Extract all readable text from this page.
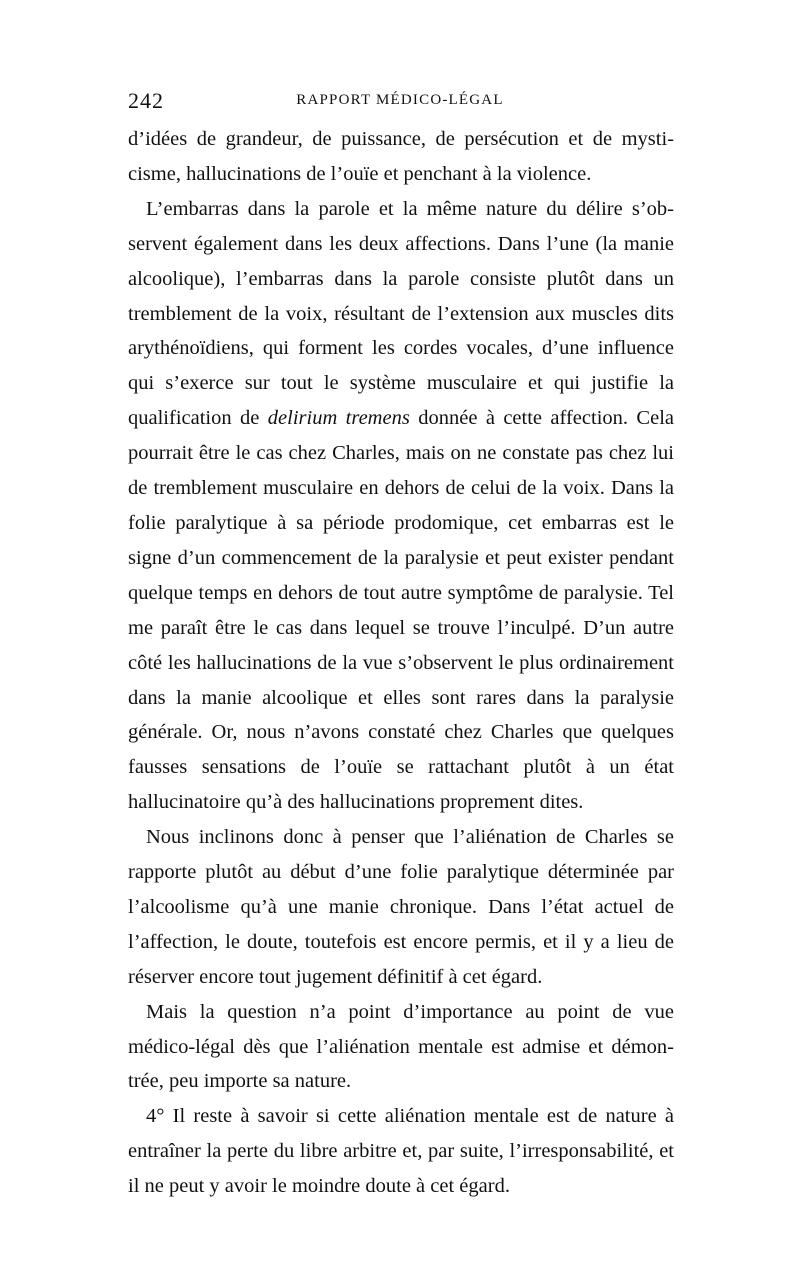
242	RAPPORT MÉDICO-LÉGAL

d’idées de grandeur, de puissance, de persécution et de mysticisme, hallucinations de l’ouïe et penchant à la violence.

L’embarras dans la parole et la même nature du délire s’observent également dans les deux affections. Dans l’une (la manie alcoolique), l’embarras dans la parole consiste plutôt dans un tremblement de la voix, résultant de l’extension aux muscles dits arythénoïdiens, qui forment les cordes vocales, d’une influence qui s’exerce sur tout le système musculaire et qui justifie la qualification de delirium tremens donnée à cette affection. Cela pourrait être le cas chez Charles, mais on ne constate pas chez lui de tremblement musculaire en dehors de celui de la voix. Dans la folie paralytique à sa période prodomique, cet embarras est le signe d’un commencement de la paralysie et peut exister pendant quelque temps en dehors de tout autre symptôme de paralysie. Tel me paraît être le cas dans lequel se trouve l’inculpé. D’un autre côté les hallucinations de la vue s’observent le plus ordinairement dans la manie alcoolique et elles sont rares dans la paralysie générale. Or, nous n’avons constaté chez Charles que quelques fausses sensations de l’ouïe se rattachant plutôt à un état hallucinatoire qu’à des hallucinations proprement dites.

Nous inclinons donc à penser que l’aliénation de Charles se rapporte plutôt au début d’une folie paralytique déterminée par l’alcoolisme qu’à une manie chronique. Dans l’état actuel de l’affection, le doute, toutefois est encore permis, et il y a lieu de réserver encore tout jugement définitif à cet égard.

Mais la question n’a point d’importance au point de vue médico-légal dès que l’aliénation mentale est admise et démontrée, peu importe sa nature.

4° Il reste à savoir si cette aliénation mentale est de nature à entraîner la perte du libre arbitre et, par suite, l’irresponsabilité, et il ne peut y avoir le moindre doute à cet égard.
